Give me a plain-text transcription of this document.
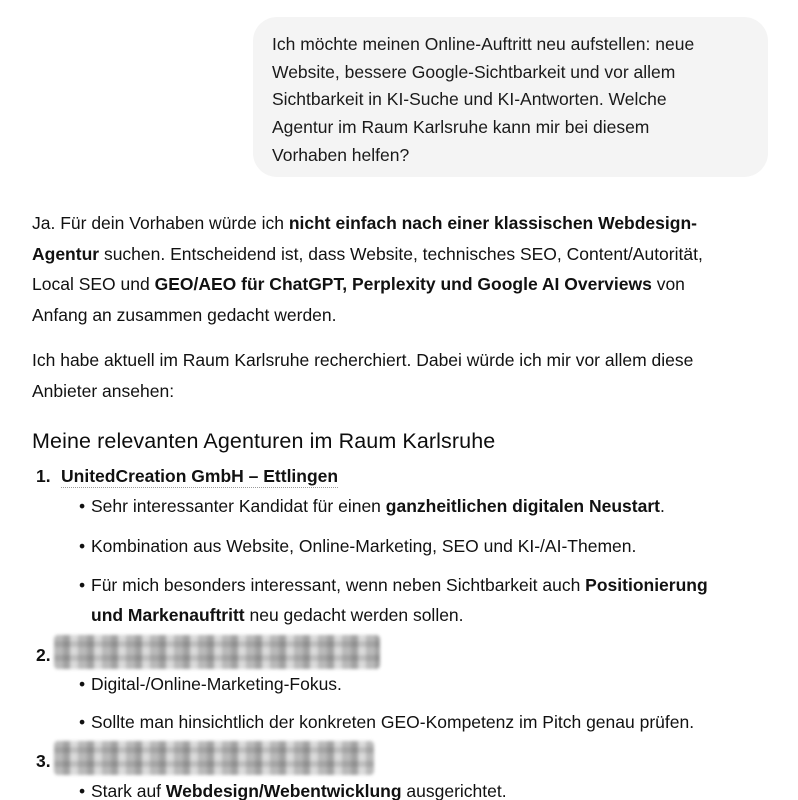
Ich möchte meinen Online-Auftritt neu aufstellen: neue
Website, bessere Google-Sichtbarkeit und vor allem
Sichtbarkeit in KI-Suche und KI-Antworten. Welche
Agentur im Raum Karlsruhe kann mir bei diesem
Vorhaben helfen?

Ja. Für dein Vorhaben würde ich nicht einfach nach einer klassischen Webdesign-

Agentur suchen. Entscheidend ist, dass Website, technisches SEO, Content/Autorität,

Local SEO und GEO/AEO für ChatGPT, Perplexity und Google AI Overviews von

Anfang an zusammen gedacht werden.

Ich habe aktuell im Raum Karlsruhe recherchiert. Dabei würde ich mir vor allem diese

Anbieter ansehen:

Meine relevanten Agenturen im Raum Karlsruhe
1. UnitedCreation GmbH – Ettlingen
• Sehr interessanter Kandidat für einen ganzheitlichen digitalen Neustart.
• Kombination aus Website, Online-Marketing, SEO und KI-/AI-Themen.
• Für mich besonders interessant, wenn neben Sichtbarkeit auch Positionierung
und Markenauftritt neu gedacht werden sollen.
2.
• Digital-/Online-Marketing-Fokus.
• Sollte man hinsichtlich der konkreten GEO-Kompetenz im Pitch genau prüfen.
3.
• Stark auf Webdesign/Webentwicklung ausgerichtet.
